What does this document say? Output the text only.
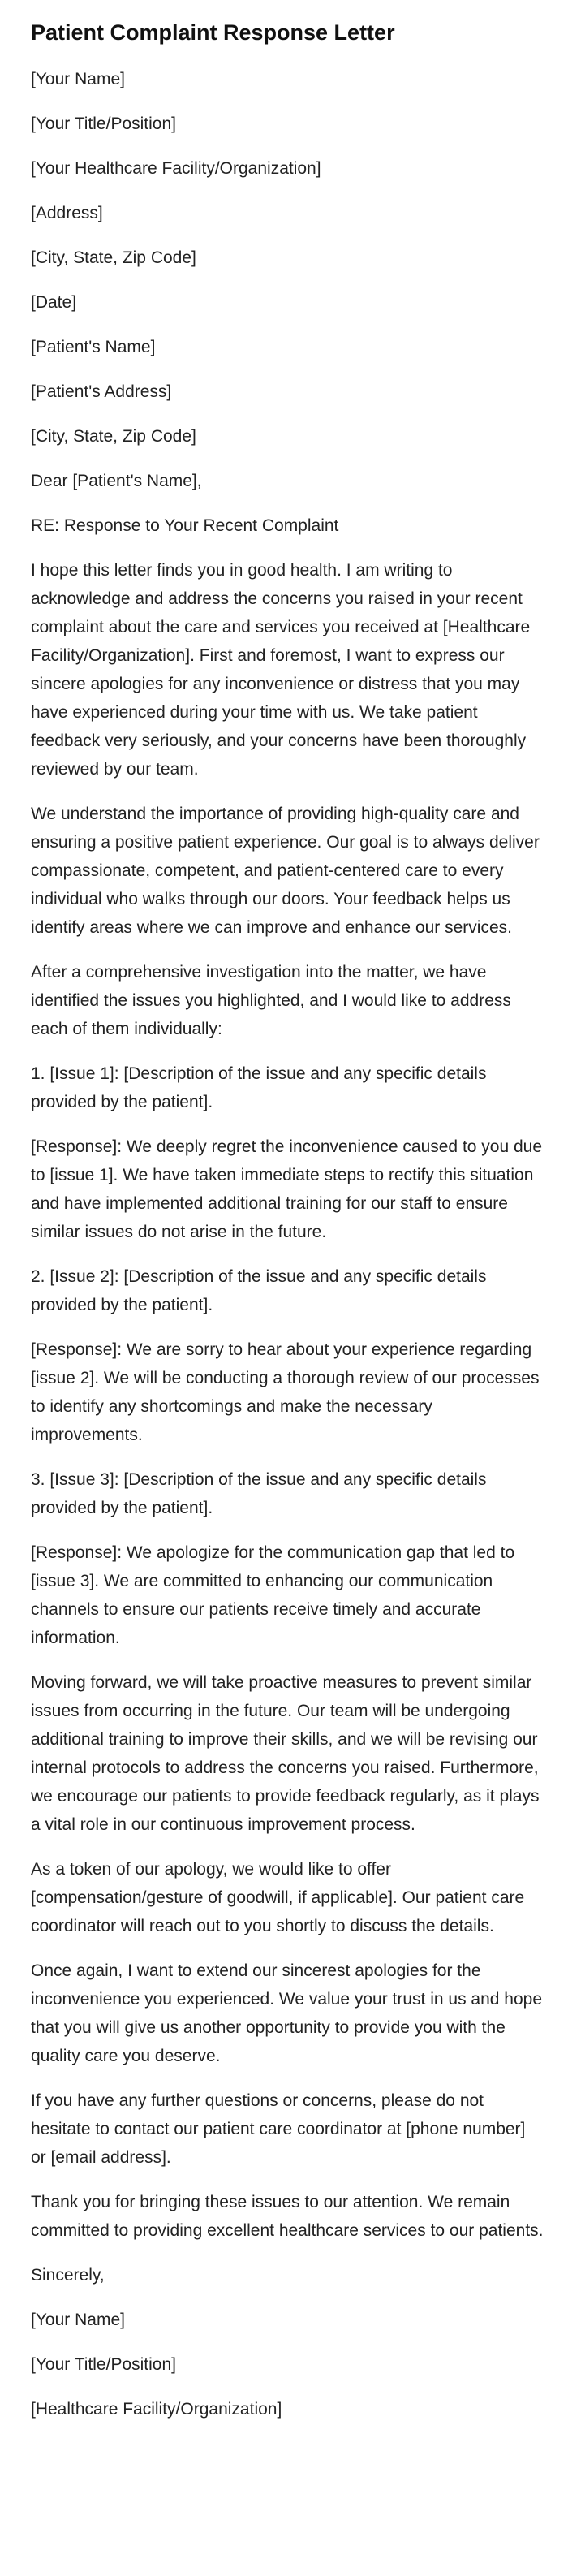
Patient Complaint Response Letter

[Your Name]

[Your Title/Position]

[Your Healthcare Facility/Organization]

[Address]

[City, State, Zip Code]

[Date]

[Patient's Name]

[Patient's Address]

[City, State, Zip Code]

Dear [Patient's Name],

RE: Response to Your Recent Complaint

I hope this letter finds you in good health. I am writing to acknowledge and address the concerns you raised in your recent complaint about the care and services you received at [Healthcare Facility/Organization]. First and foremost, I want to express our sincere apologies for any inconvenience or distress that you may have experienced during your time with us. We take patient feedback very seriously, and your concerns have been thoroughly reviewed by our team.

We understand the importance of providing high-quality care and ensuring a positive patient experience. Our goal is to always deliver compassionate, competent, and patient-centered care to every individual who walks through our doors. Your feedback helps us identify areas where we can improve and enhance our services.

After a comprehensive investigation into the matter, we have identified the issues you highlighted, and I would like to address each of them individually:

1. [Issue 1]: [Description of the issue and any specific details provided by the patient].

[Response]: We deeply regret the inconvenience caused to you due to [issue 1]. We have taken immediate steps to rectify this situation and have implemented additional training for our staff to ensure similar issues do not arise in the future.

2. [Issue 2]: [Description of the issue and any specific details provided by the patient].

[Response]: We are sorry to hear about your experience regarding [issue 2]. We will be conducting a thorough review of our processes to identify any shortcomings and make the necessary improvements.

3. [Issue 3]: [Description of the issue and any specific details provided by the patient].

[Response]: We apologize for the communication gap that led to [issue 3]. We are committed to enhancing our communication channels to ensure our patients receive timely and accurate information.

Moving forward, we will take proactive measures to prevent similar issues from occurring in the future. Our team will be undergoing additional training to improve their skills, and we will be revising our internal protocols to address the concerns you raised. Furthermore, we encourage our patients to provide feedback regularly, as it plays a vital role in our continuous improvement process.

As a token of our apology, we would like to offer [compensation/gesture of goodwill, if applicable]. Our patient care coordinator will reach out to you shortly to discuss the details.

Once again, I want to extend our sincerest apologies for the inconvenience you experienced. We value your trust in us and hope that you will give us another opportunity to provide you with the quality care you deserve.

If you have any further questions or concerns, please do not hesitate to contact our patient care coordinator at [phone number] or [email address].

Thank you for bringing these issues to our attention. We remain committed to providing excellent healthcare services to our patients.

Sincerely,

[Your Name]

[Your Title/Position]

[Healthcare Facility/Organization]
